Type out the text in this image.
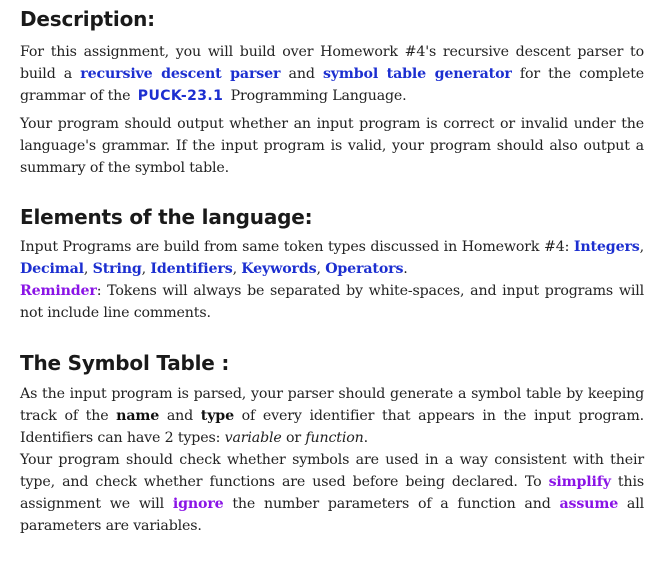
Description:

For this assignment, you will build over Homework #4's recursive descent parser to build a recursive descent parser and symbol table generator for the complete grammar of the PUCK-23.1 Programming Language.

Your program should output whether an input program is correct or invalid under the language's grammar. If the input program is valid, your program should also output a summary of the symbol table.

Elements of the language:

Input Programs are build from same token types discussed in Homework #4: Integers, Decimal, String, Identifiers, Keywords, Operators.

Reminder: Tokens will always be separated by white-spaces, and input programs will not include line comments.

The Symbol Table :

As the input program is parsed, your parser should generate a symbol table by keeping track of the name and type of every identifier that appears in the input program. Identifiers can have 2 types: variable or function.

Your program should check whether symbols are used in a way consistent with their type, and check whether functions are used before being declared. To simplify this assignment we will ignore the number parameters of a function and assume all parameters are variables.
